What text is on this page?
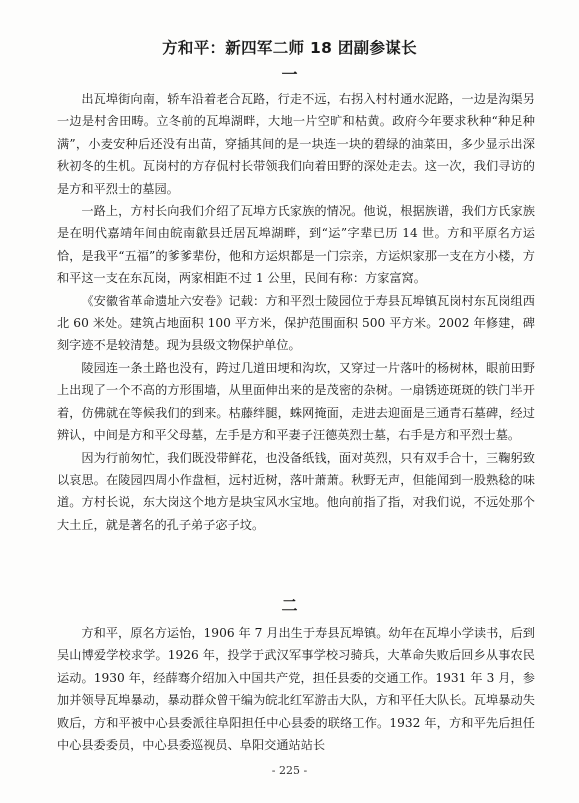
方和平：新四军二师 18 团副参谋长
一

出瓦埠街向南，轿车沿着老合瓦路，行走不远，右拐入村村通水泥路，一边是沟渠另一边是村舍田畴。立冬前的瓦埠湖畔，大地一片空旷和枯黄。政府今年要求秋种“种足种满”，小麦安种后还没有出苗，穿插其间的是一块连一块的碧绿的油菜田，多少显示出深秋初冬的生机。瓦岗村的方存侃村长带领我们向着田野的深处走去。这一次，我们寻访的是方和平烈士的墓园。

一路上，方村长向我们介绍了瓦埠方氏家族的情况。他说，根据族谱，我们方氏家族是在明代嘉靖年间由皖南歙县迁居瓦埠湖畔，到“运”字辈已历 14 世。方和平原名方运恰，是我平“五福”的爹爹辈份，他和方运炽都是一门宗亲，方运炽家那一支在方小楼，方和平这一支在东瓦岗，两家相距不过 1 公里，民间有称：方家富窝。

《安徽省革命遗址六安卷》记载：方和平烈士陵园位于寿县瓦埠镇瓦岗村东瓦岗组西北 60 米处。建筑占地面积 100 平方米，保护范围面积 500 平方米。2002 年修建，碑刻字迹不是较清楚。现为县级文物保护单位。

陵园连一条土路也没有，跨过几道田埂和沟坎，又穿过一片落叶的杨树林，眼前田野上出现了一个不高的方形围墙，从里面伸出来的是茂密的杂树。一扇锈迹斑斑的铁门半开着，仿佛就在等候我们的到来。枯藤绊腿，蛛网掩面，走进去迎面是三通青石墓碑，经过辨认，中间是方和平父母墓，左手是方和平妻子汪德英烈士墓，右手是方和平烈士墓。

因为行前匆忙，我们既没带鲜花，也没备纸钱，面对英烈，只有双手合十，三鞠躬致以哀思。在陵园四周小作盘桓，远村近树，落叶萧萧。秋野无声，但能闻到一股熟稔的味道。方村长说，东大岗这个地方是块宝风水宝地。他向前指了指，对我们说，不远处那个大土丘，就是著名的孔子弟子宓子坟。

二

方和平，原名方运怡，1906 年 7 月出生于寿县瓦埠镇。幼年在瓦埠小学读书，后到吴山博爱学校求学。1926 年，投学于武汉军事学校习骑兵，大革命失败后回乡从事农民运动。1930 年，经薛骞介绍加入中国共产党，担任县委的交通工作。1931 年 3 月，参加并领导瓦埠暴动，暴动群众曾干编为皖北红军游击大队，方和平任大队长。瓦埠暴动失败后，方和平被中心县委派往阜阳担任中心县委的联络工作。1932 年，方和平先后担任中心县委委员，中心县委巡视员、阜阳交通站站长

- 225 -
